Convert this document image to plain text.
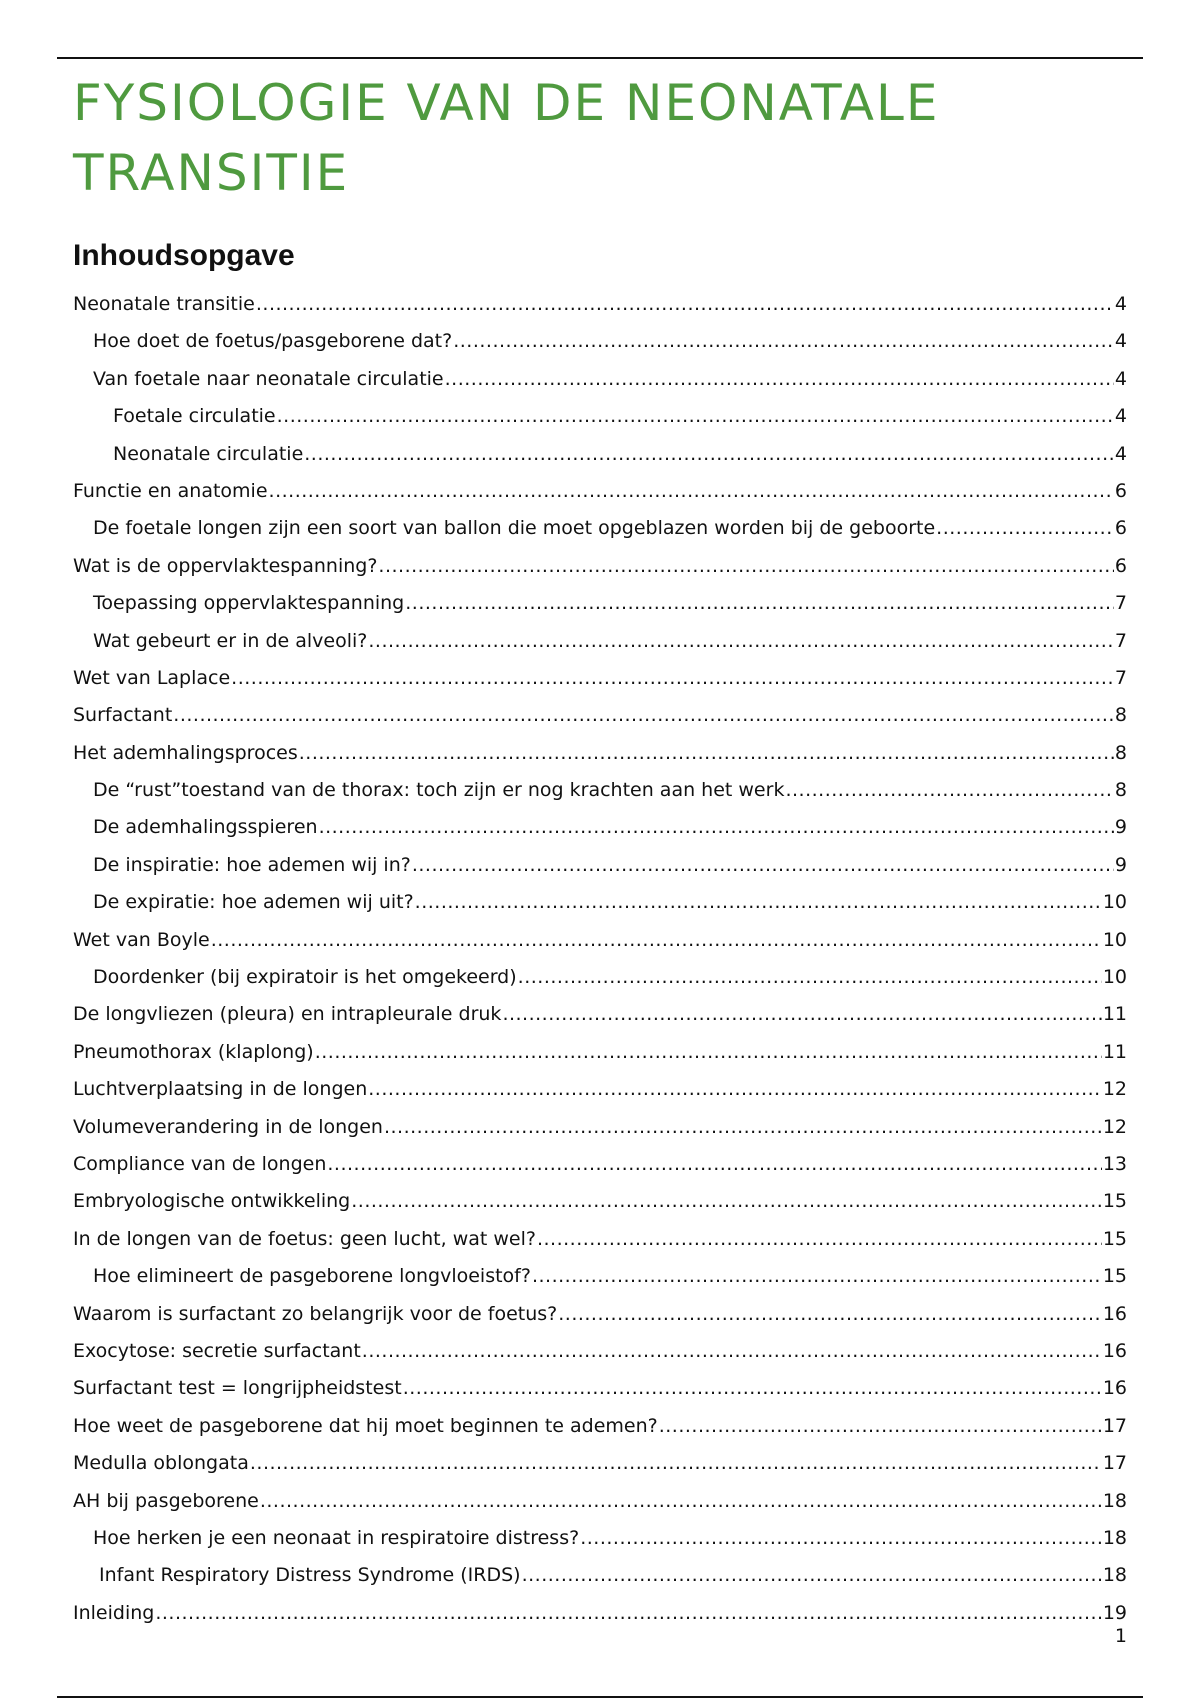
FYSIOLOGIE VAN DE NEONATALE
TRANSITIE
Inhoudsopgave
Neonatale transitie .....	4
Hoe doet de foetus/pasgeborene dat? .....	4
Van foetale naar neonatale circulatie .....	4
Foetale circulatie .....	4
Neonatale circulatie .....	4
Functie en anatomie .....	6
De foetale longen zijn een soort van ballon die moet opgeblazen worden bij de geboorte .....	6
Wat is de oppervlaktespanning? .....	6
Toepassing oppervlaktespanning .....	7
Wat gebeurt er in de alveoli? .....	7
Wet van Laplace .....	7
Surfactant .....	8
Het ademhalingsproces .....	8
De “rust”toestand van de thorax: toch zijn er nog krachten aan het werk .....	8
De ademhalingsspieren .....	9
De inspiratie: hoe ademen wij in? .....	9
De expiratie: hoe ademen wij uit? .....	10
Wet van Boyle .....	10
Doordenker (bij expiratoir is het omgekeerd) .....	10
De longvliezen (pleura) en intrapleurale druk .....	11
Pneumothorax (klaplong) .....	11
Luchtverplaatsing in de longen .....	12
Volumeverandering in de longen .....	12
Compliance van de longen .....	13
Embryologische ontwikkeling .....	15
In de longen van de foetus: geen lucht, wat wel? .....	15
Hoe elimineert de pasgeborene longvloeistof? .....	15
Waarom is surfactant zo belangrijk voor de foetus? .....	16
Exocytose: secretie surfactant .....	16
Surfactant test = longrijpheidstest .....	16
Hoe weet de pasgeborene dat hij moet beginnen te ademen? .....	17
Medulla oblongata .....	17
AH bij pasgeborene .....	18
Hoe herken je een neonaat in respiratoire distress? .....	18
Infant Respiratory Distress Syndrome (IRDS) .....	18
Inleiding .....	19
1
